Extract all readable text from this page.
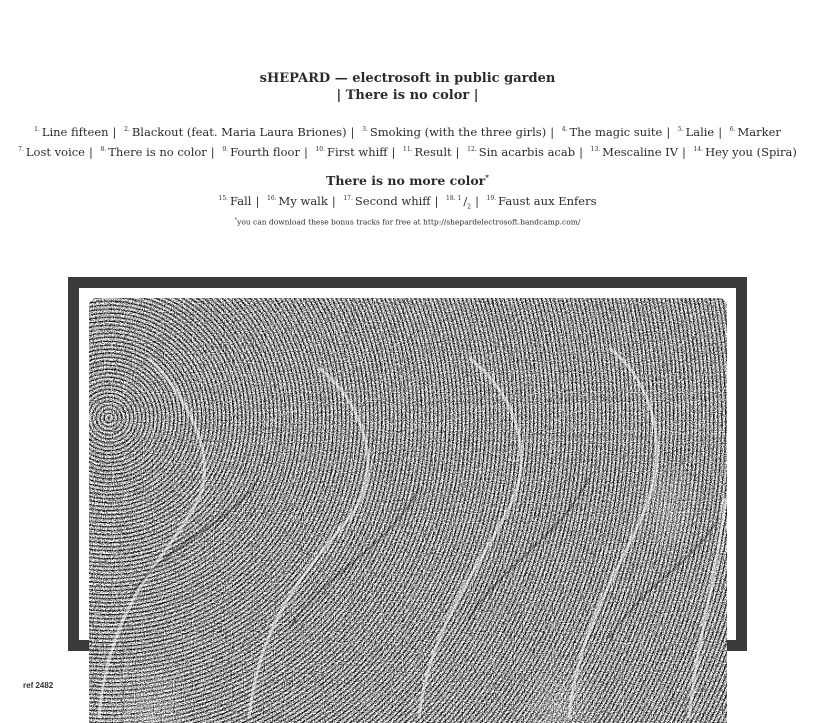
sHEPARD — electrosoft in public garden
| There is no color |
$^{1.}$ Line fifteen | $^{2.}$ Blackout (feat. Maria Laura Briones) | $^{3.}$ Smoking (with the three girls) | $^{4.}$ The magic suite | $^{5.}$ Lalie | $^{6.}$ Marker
$^{7.}$ Lost voice | $^{8.}$ There is no color | $^{9.}$ Fourth floor | $^{10.}$ First whiff | $^{11.}$ Result | $^{12.}$ Sin acarbis acab | $^{13.}$ Mescaline IV | $^{14.}$ Hey you (Spira)
There is no more color*
$^{15.}$ Fall | $^{16.}$ My walk | $^{17.}$ Second whiff | $^{18.}$ $^1$ $/_2$ | $^{19.}$ Faust aux Enfers
*you can download these bonus tracks for free at http://shepardelectrosoft.bandcamp.com/
ref 2482
